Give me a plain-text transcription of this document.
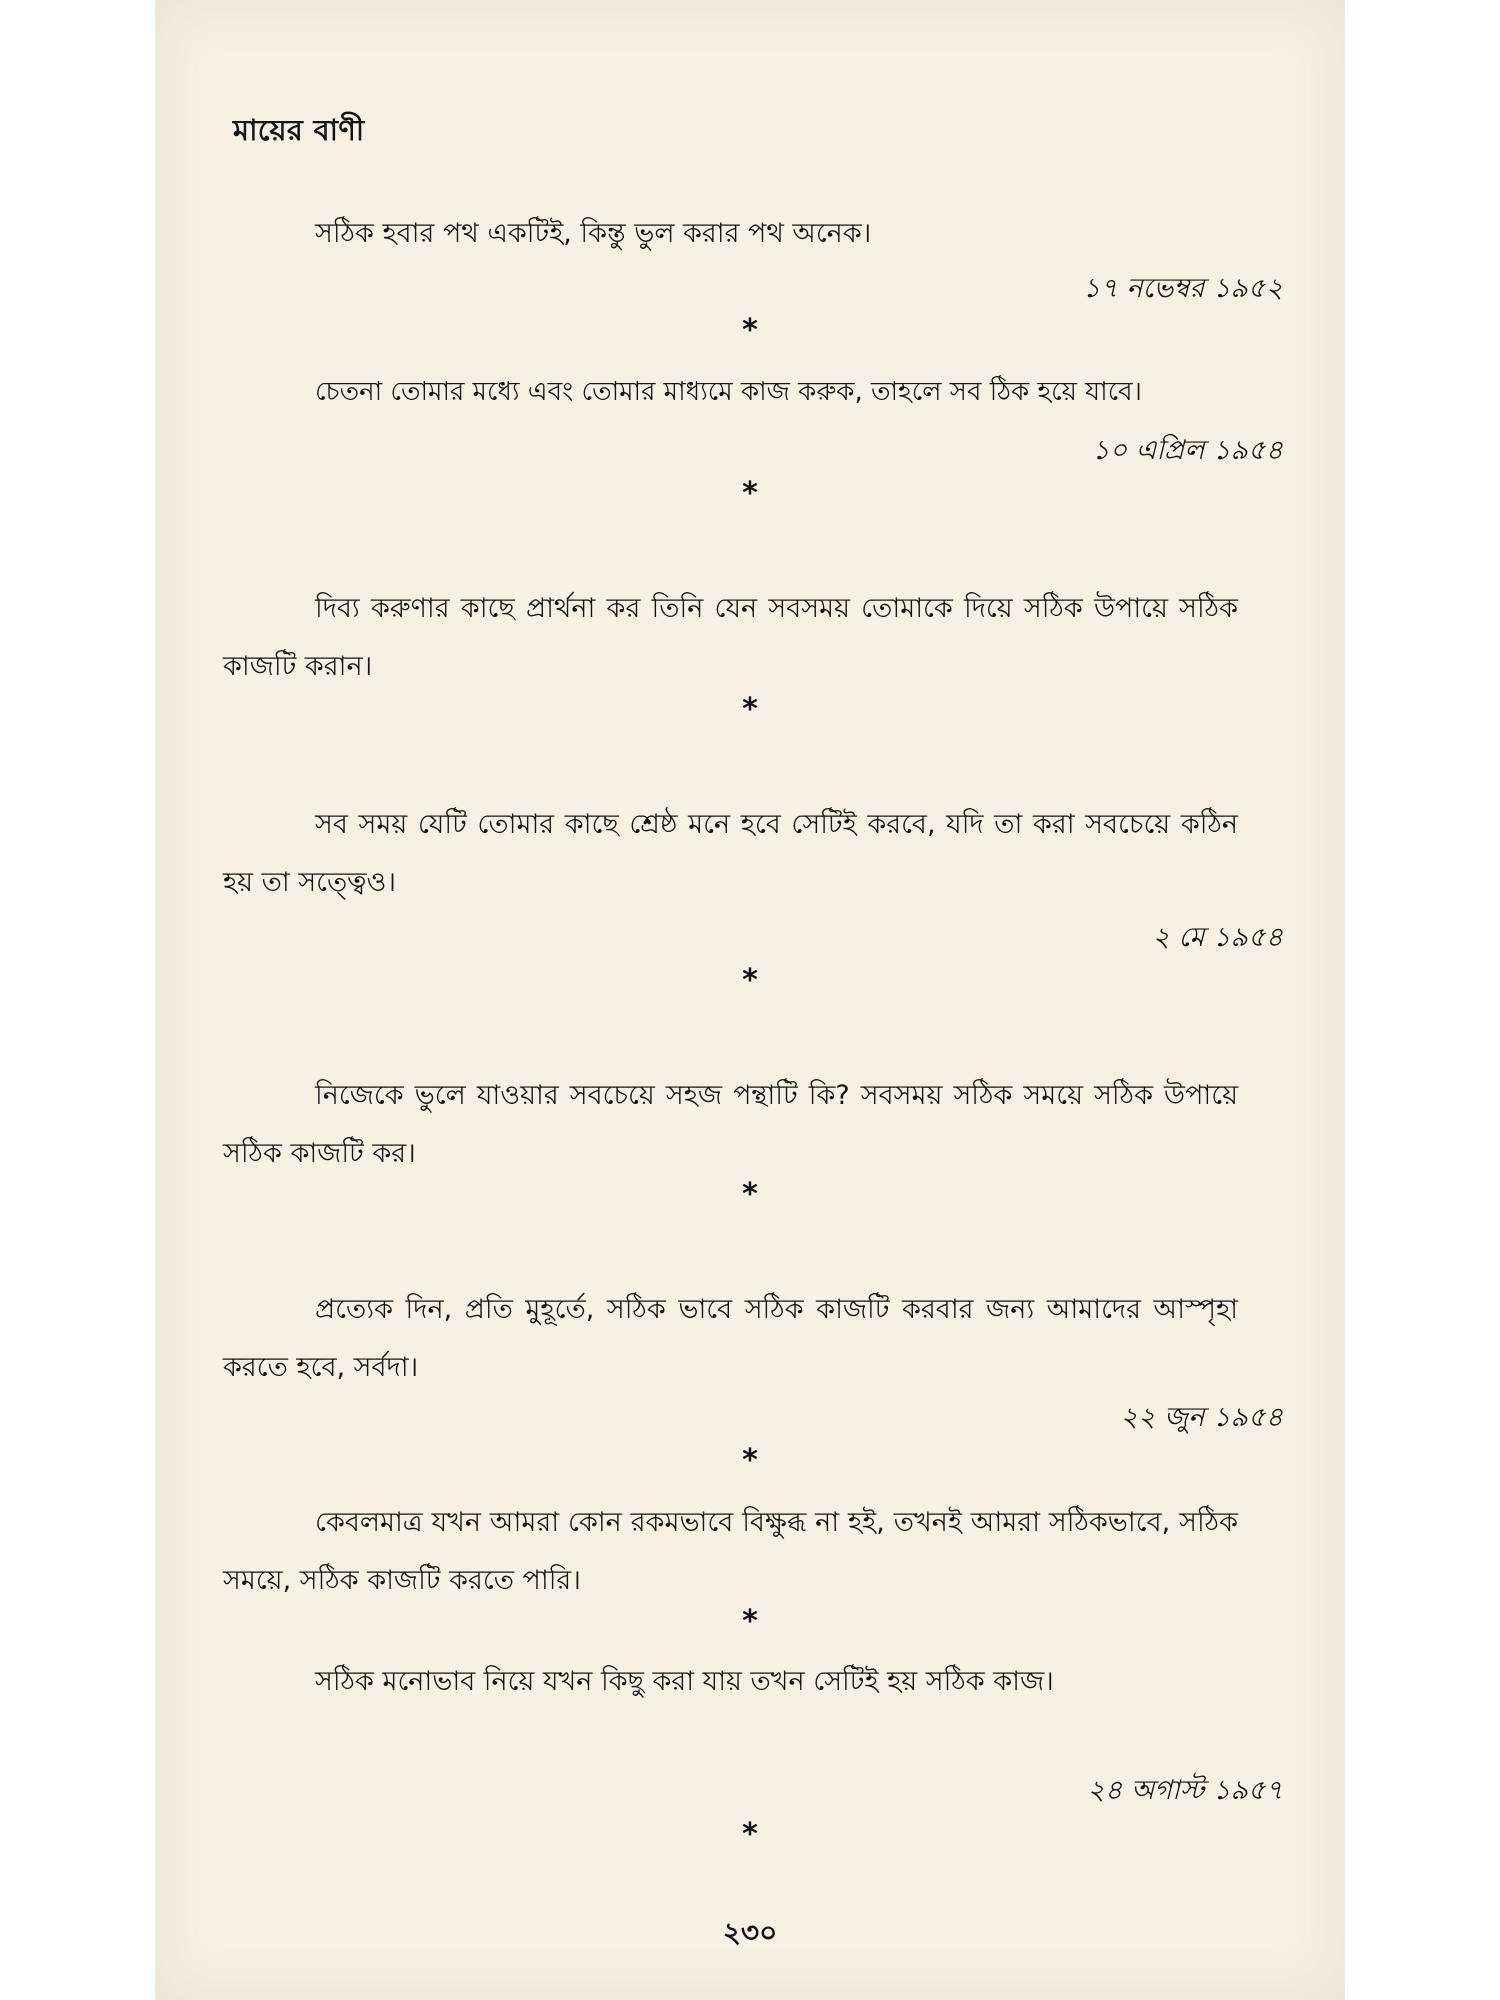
মায়ের বাণী

সঠিক হবার পথ একটিই, কিন্তু ভুল করার পথ অনেক।

১৭ নভেম্বর ১৯৫২
*

চেতনা তোমার মধ্যে এবং তোমার মাধ্যমে কাজ করুক, তাহলে সব ঠিক হয়ে যাবে।

১০ এপ্রিল ১৯৫৪
*

দিব্য করুণার কাছে প্রার্থনা কর তিনি যেন সবসময় তোমাকে দিয়ে সঠিক উপায়ে সঠিক কাজটি করান।

*

সব সময় যেটি তোমার কাছে শ্রেষ্ঠ মনে হবে সেটিই করবে, যদি তা করা সবচেয়ে কঠিন হয় তা সত্ত্বেও।

২ মে ১৯৫৪
*

নিজেকে ভুলে যাওয়ার সবচেয়ে সহজ পন্থাটি কি? সবসময় সঠিক সময়ে সঠিক উপায়ে সঠিক কাজটি কর।

*

প্রত্যেক দিন, প্রতি মুহূর্তে, সঠিক ভাবে সঠিক কাজটি করবার জন্য আমাদের আস্পৃহা করতে হবে, সর্বদা।

২২ জুন ১৯৫৪
*

কেবলমাত্র যখন আমরা কোন রকমভাবে বিক্ষুব্ধ না হই, তখনই আমরা সঠিকভাবে, সঠিক সময়ে, সঠিক কাজটি করতে পারি।

*

সঠিক মনোভাব নিয়ে যখন কিছু করা যায় তখন সেটিই হয় সঠিক কাজ।

২৪ অগাস্ট ১৯৫৭
*
২৩০
